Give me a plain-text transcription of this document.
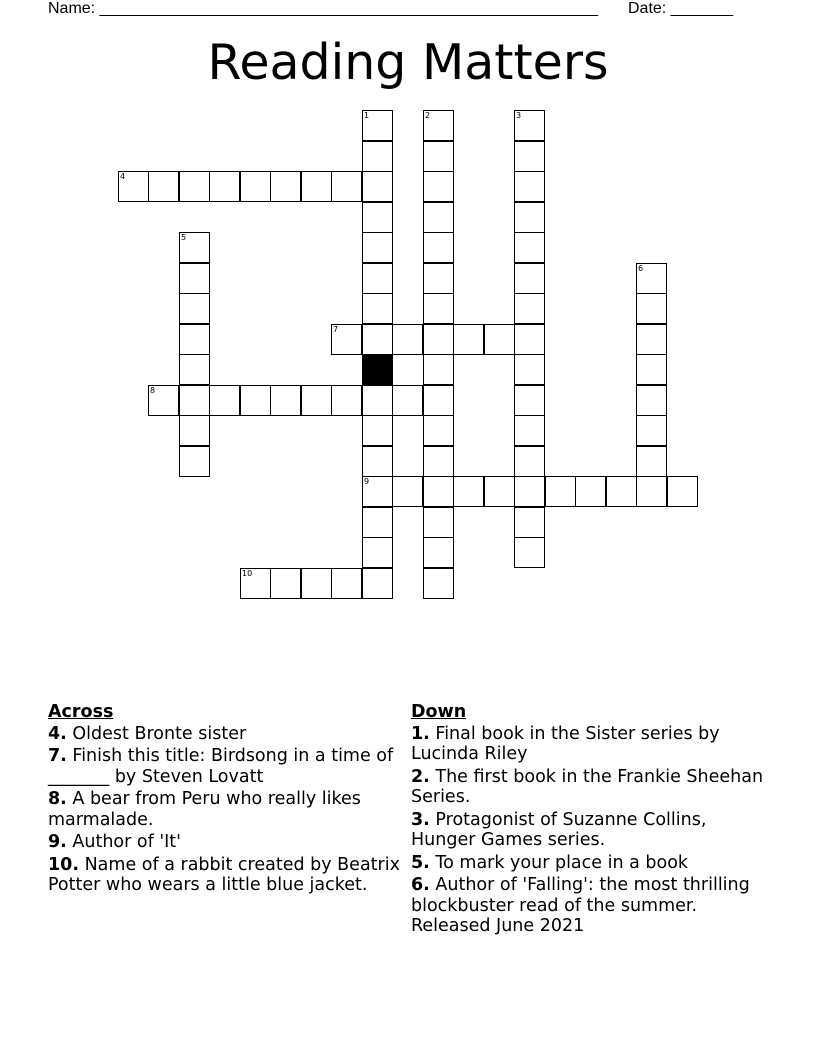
Name: ________________________________________________________ Date: _______
Reading Matters
1
9
2	3
4
5
6
7
8
10
Across
4. Oldest Bronte sister
7. Finish this title: Birdsong in a time of _______ by Steven Lovatt
8. A bear from Peru who really likes marmalade.
9. Author of 'It'
10. Name of a rabbit created by Beatrix Potter who wears a little blue jacket.
Down
1. Final book in the Sister series by Lucinda Riley
2. The first book in the Frankie Sheehan Series.
3. Protagonist of Suzanne Collins, Hunger Games series.
5. To mark your place in a book
6. Author of 'Falling': the most thrilling blockbuster read of the summer. Released June 2021
